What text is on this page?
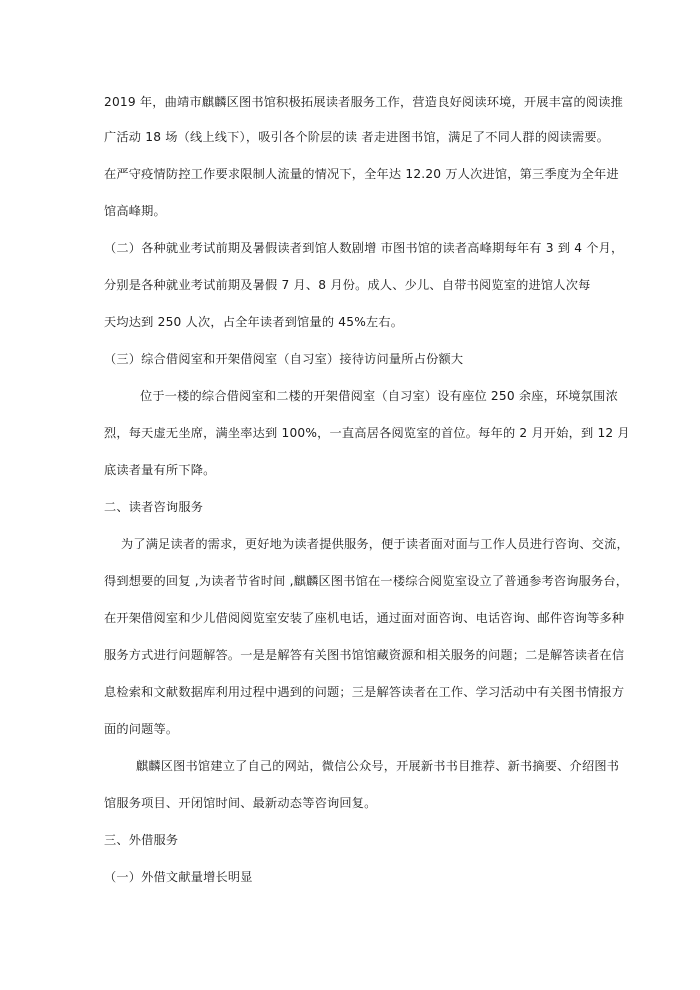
2019 年，曲靖市麒麟区图书馆积极拓展读者服务工作，营造良好阅读环境，开展丰富的阅读推
广活动 18 场（线上线下），吸引各个阶层的读 者走进图书馆，满足了不同人群的阅读需要。
在严守疫情防控工作要求限制人流量的情况下，全年达 12.20 万人次进馆，第三季度为全年进
馆高峰期。
（二）各种就业考试前期及暑假读者到馆人数剧增 市图书馆的读者高峰期每年有 3 到 4 个月，
分别是各种就业考试前期及暑假 7 月、8 月份。成人、少儿、自带书阅览室的进馆人次每
天均达到 250 人次，占全年读者到馆量的 45%左右。
（三）综合借阅室和开架借阅室（自习室）接待访问量所占份额大
位于一楼的综合借阅室和二楼的开架借阅室（自习室）设有座位 250 余座，环境氛围浓
烈，每天虚无坐席，满坐率达到 100%，一直高居各阅览室的首位。每年的 2 月开始，到 12 月
底读者量有所下降。
二、读者咨询服务
为了满足读者的需求，更好地为读者提供服务，便于读者面对面与工作人员进行咨询、交流，
得到想要的回复 ,为读者节省时间 ,麒麟区图书馆在一楼综合阅览室设立了普通参考咨询服务台，
在开架借阅室和少儿借阅阅览室安装了座机电话，通过面对面咨询、电话咨询、邮件咨询等多种
服务方式进行问题解答。一是是解答有关图书馆馆藏资源和相关服务的问题；二是解答读者在信
息检索和文献数据库利用过程中遇到的问题；三是解答读者在工作、学习活动中有关图书情报方
面的问题等。
麒麟区图书馆建立了自己的网站，微信公众号，开展新书书目推荐、新书摘要、介绍图书
馆服务项目、开闭馆时间、最新动态等咨询回复。
三、外借服务
（一）外借文献量增长明显
